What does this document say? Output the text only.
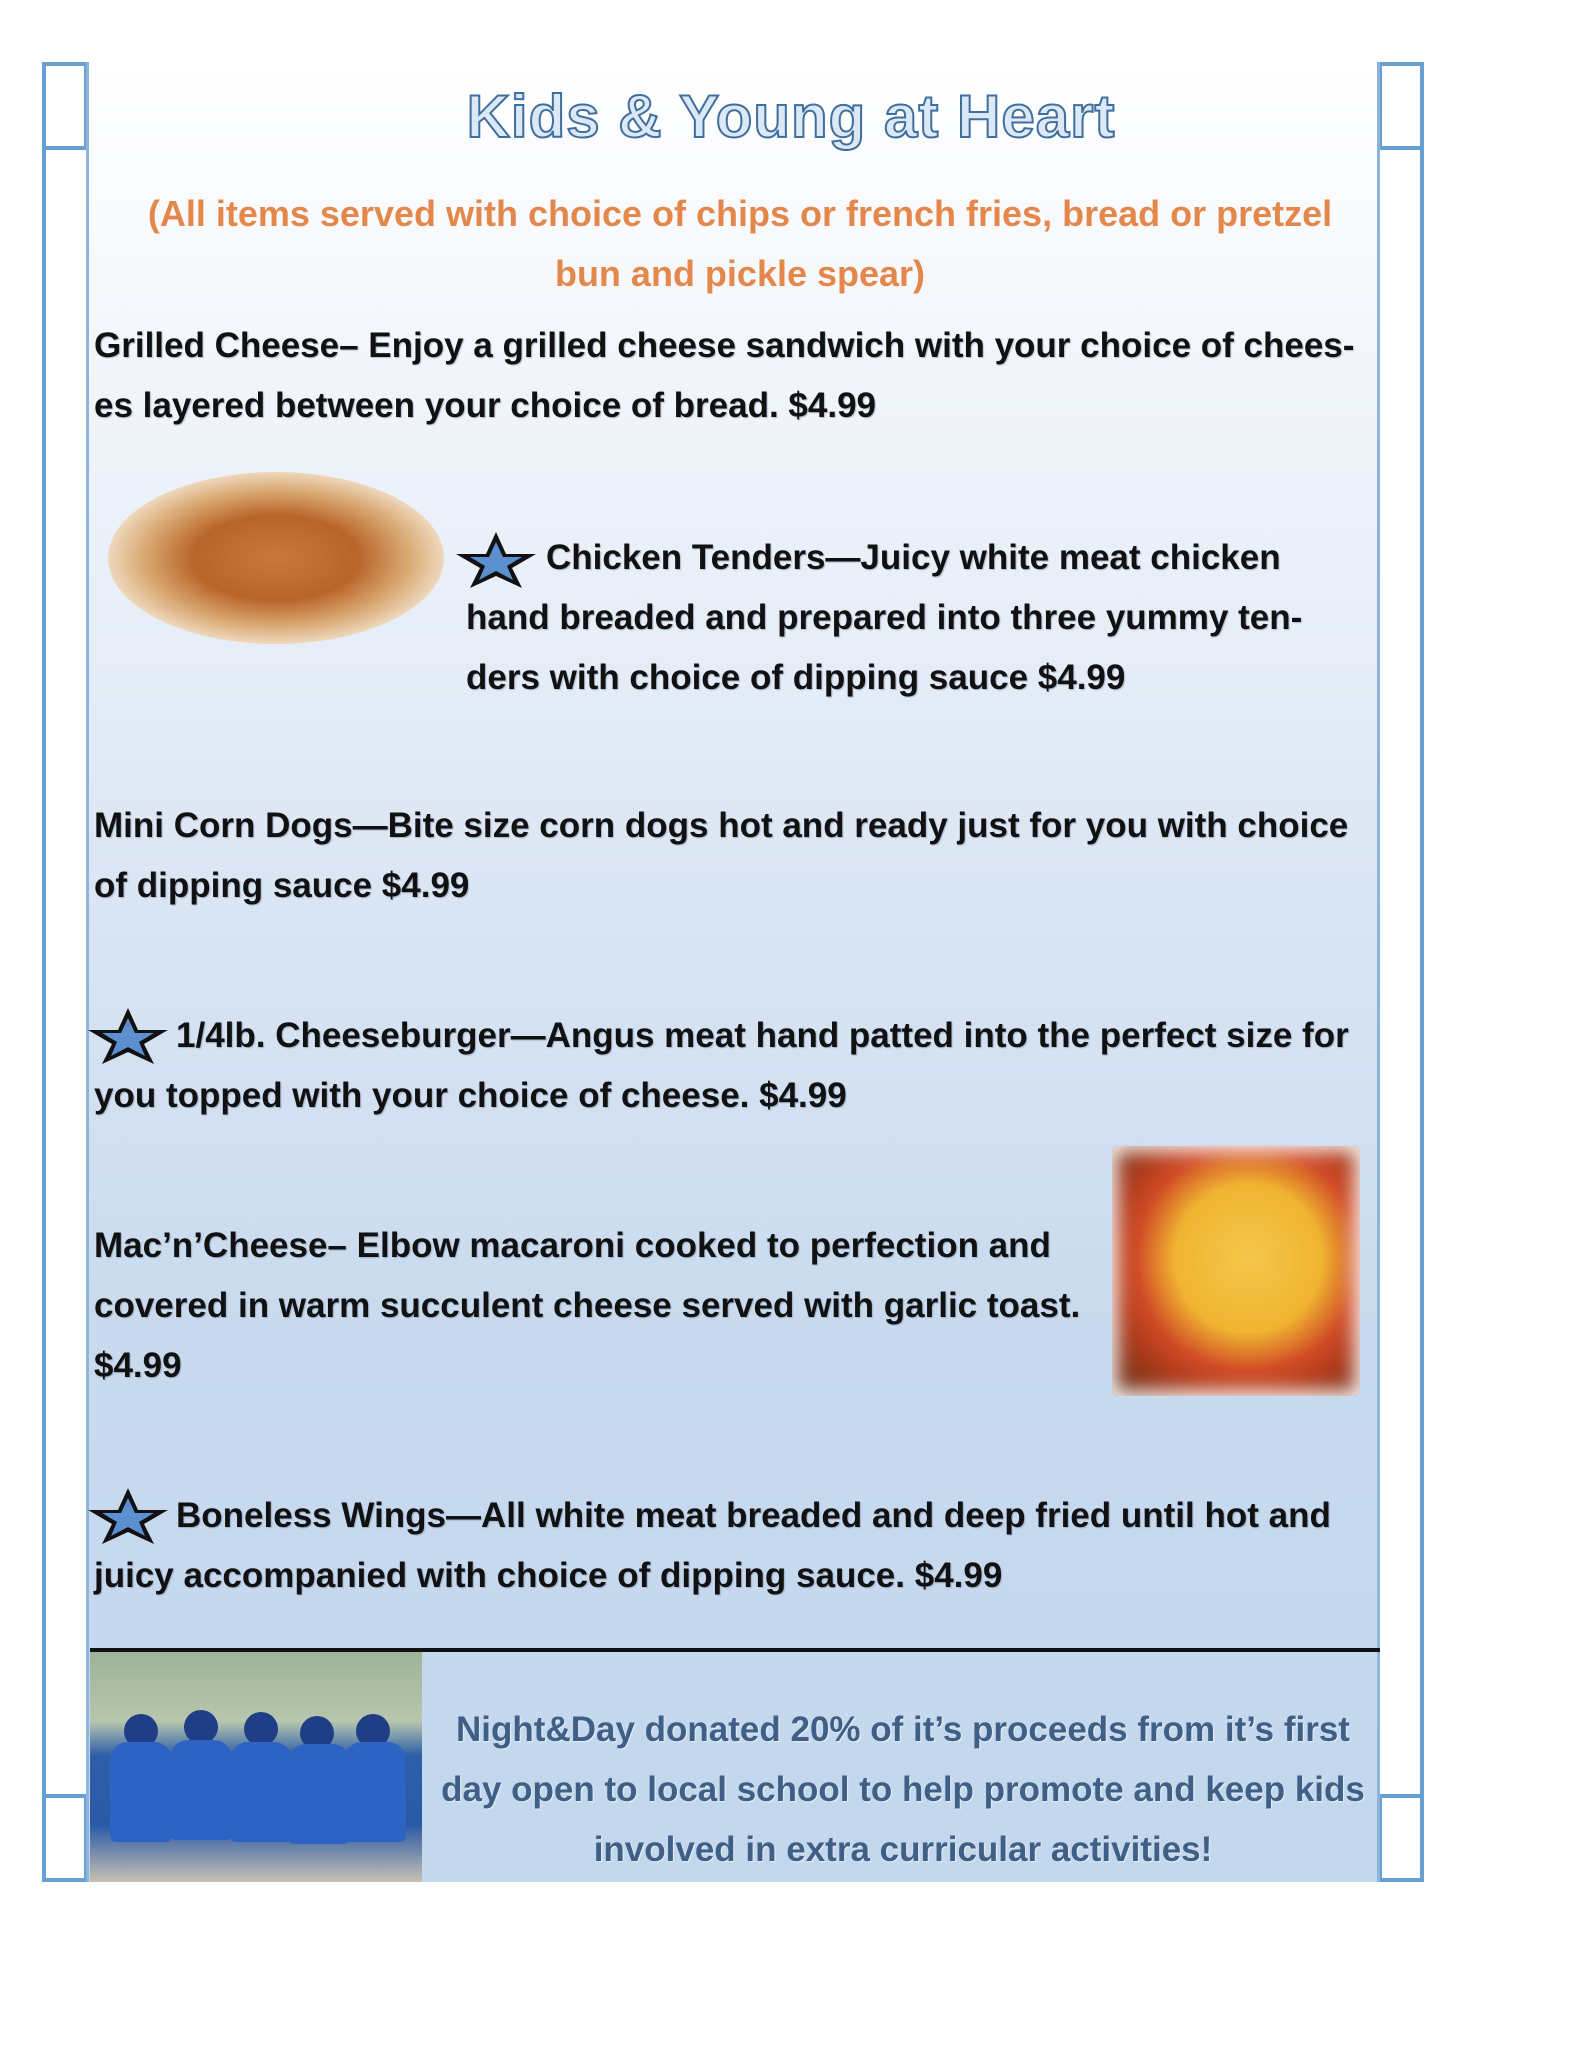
Kids & Young at Heart
(All items served with choice of chips or french fries, bread or pretzel bun and pickle spear)
Grilled Cheese– Enjoy a grilled cheese sandwich with your choice of chees-es layered between your choice of bread. $4.99
Chicken Tenders—Juicy white meat chicken hand breaded and prepared into three yummy ten-ders with choice of dipping sauce $4.99
Mini Corn Dogs—Bite size corn dogs hot and ready just for you with choice of dipping sauce $4.99
1/4lb. Cheeseburger—Angus meat hand patted into the perfect size for you topped with your choice of cheese. $4.99
Mac’n’Cheese– Elbow macaroni cooked to perfection and covered in warm succulent cheese served with garlic toast. $4.99
Boneless Wings—All white meat breaded and deep fried until hot and juicy accompanied with choice of dipping sauce. $4.99
Night&Day donated 20% of it’s proceeds from it’s first day open to local school to help promote and keep kids involved in extra curricular activities!
